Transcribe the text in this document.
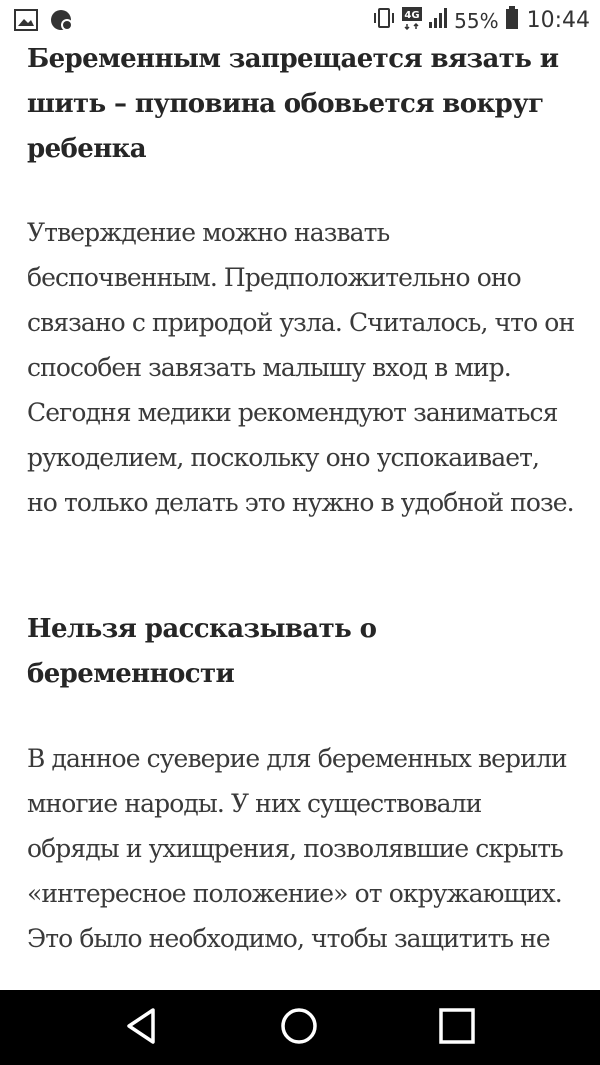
4G 55% 10:44
Беременным запрещается вязать и шить – пуповина обовьется вокруг ребенка

Утверждение можно назвать беспочвенным. Предположительно оно связано с природой узла. Считалось, что он способен завязать малышу вход в мир. Сегодня медики рекомендуют заниматься рукоделием, поскольку оно успокаивает, но только делать это нужно в удобной позе.

Нельзя рассказывать о беременности

В данное суеверие для беременных верили многие народы. У них существовали обряды и ухищрения, позволявшие скрыть «интересное положение» от окружающих. Это было необходимо, чтобы защитить не
